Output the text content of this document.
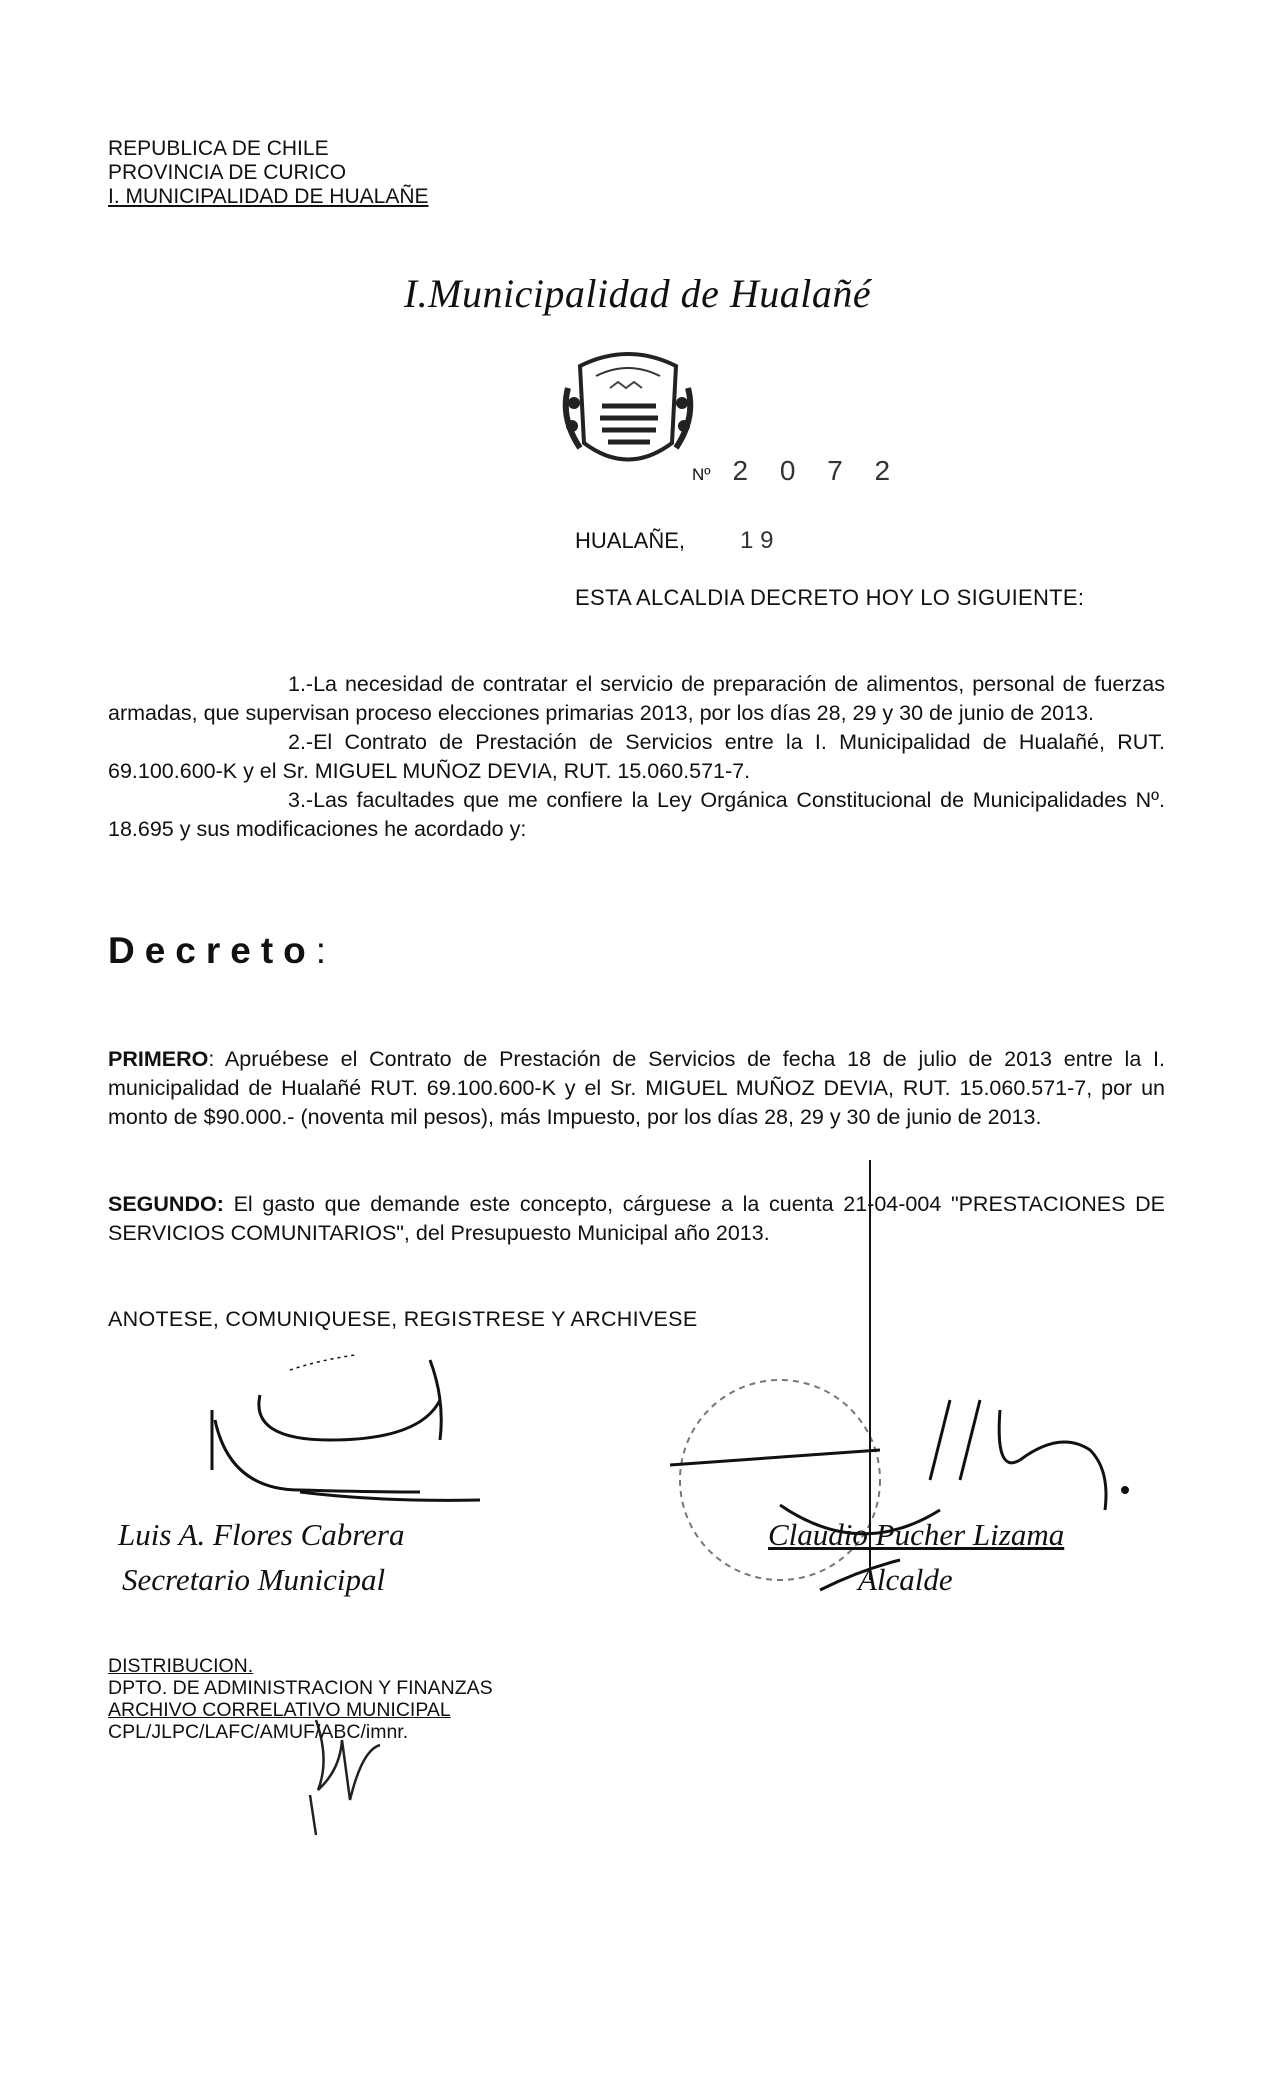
REPUBLICA DE CHILE
PROVINCIA DE CURICO
I. MUNICIPALIDAD DE HUALAÑE
I.Municipalidad de Hualañé
Nº 2 0 7 2
HUALAÑE, 1 9
ESTA ALCALDIA DECRETO HOY LO SIGUIENTE:
1.-La necesidad de contratar el servicio de preparación de alimentos, personal de fuerzas armadas, que supervisan proceso elecciones primarias 2013, por los días 28, 29 y 30 de junio de 2013.
2.-El Contrato de Prestación de Servicios entre la I. Municipalidad de Hualañé, RUT. 69.100.600-K y el Sr. MIGUEL MUÑOZ DEVIA, RUT. 15.060.571-7.
3.-Las facultades que me confiere la Ley Orgánica Constitucional de Municipalidades Nº. 18.695 y sus modificaciones he acordado y:
Decreto:
PRIMERO: Apruébese el Contrato de Prestación de Servicios de fecha 18 de julio de 2013 entre la I. municipalidad de Hualañé RUT. 69.100.600-K y el Sr. MIGUEL MUÑOZ DEVIA, RUT. 15.060.571-7, por un monto de $90.000.- (noventa mil pesos), más Impuesto, por los días 28, 29 y 30 de junio de 2013.
SEGUNDO: El gasto que demande este concepto, cárguese a la cuenta 21-04-004 "PRESTACIONES DE SERVICIOS COMUNITARIOS", del Presupuesto Municipal año 2013.
ANOTESE, COMUNIQUESE, REGISTRESE Y ARCHIVESE
Luis A. Flores Cabrera
Secretario Municipal
Claudio Pucher Lizama
Alcalde
DISTRIBUCION.
DPTO. DE ADMINISTRACION Y FINANZAS
ARCHIVO CORRELATIVO MUNICIPAL
CPL/JLPC/LAFC/AMUF/ABC/imnr.
